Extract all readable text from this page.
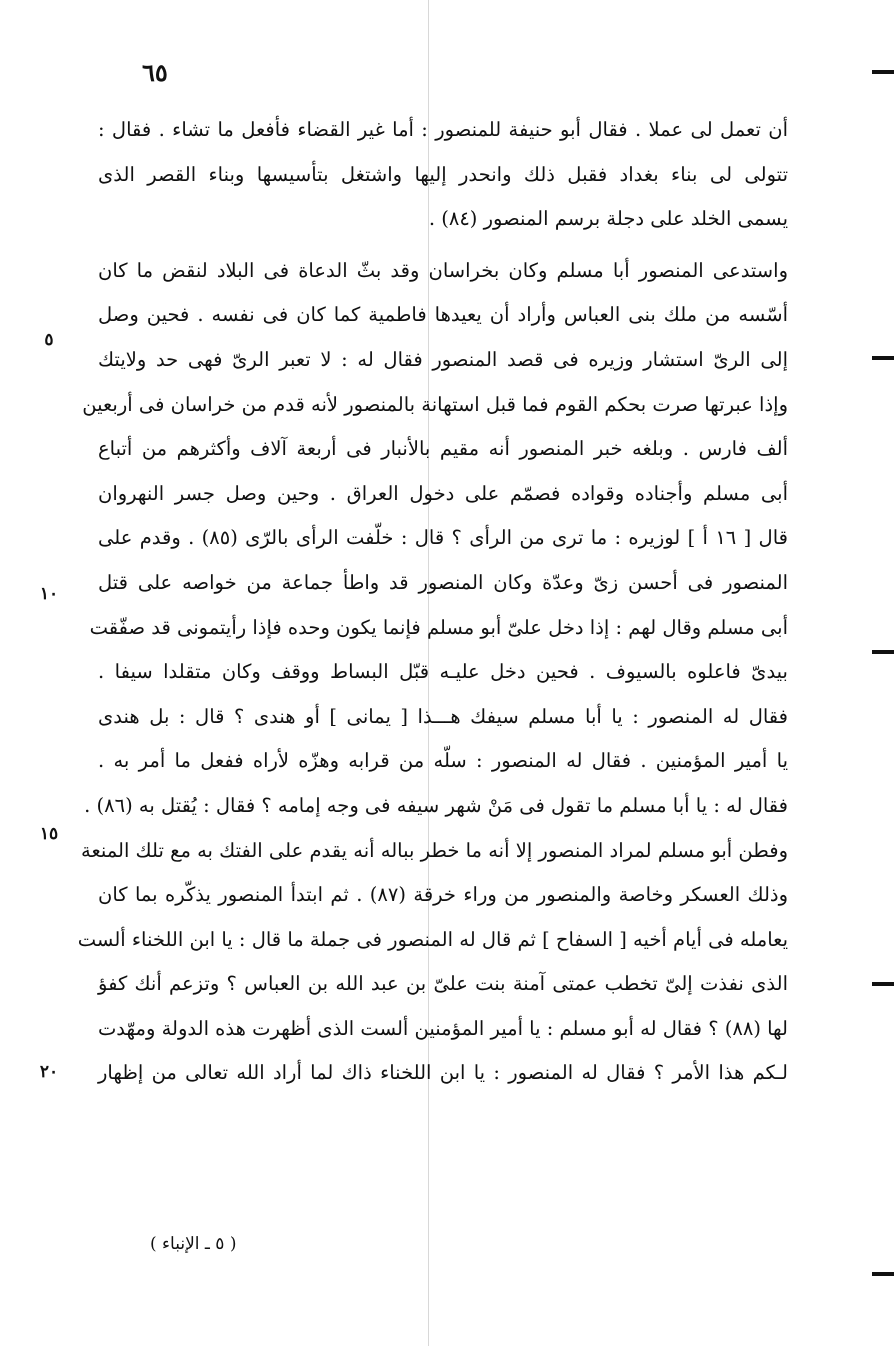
٦٥
أن تعمل لى عملا . فقال أبو حنيفة للمنصور : أما غير القضاء فأفعل ما تشاء . فقال :
تتولى لى بناء بغداد فقبل ذلك وانحدر إليها واشتغل بتأسيسها وبناء القصر الذى
يسمى الخلد على دجلة برسم المنصور (٨٤) .
واستدعى المنصور أبا مسلم وكان بخراسان وقد بثّ الدعاة فى البلاد لنقض ما كان
أسّسه من ملك بنى العباس وأراد أن يعيدها فاطمية كما كان فى نفسه . فحين وصل
إلى الرىّ استشار وزيره فى قصد المنصور فقال له : لا تعبر الرىّ فهى حد ولايتك
وإذا عبرتها صرت بحكم القوم فما قبل استهانة بالمنصور لأنه قدم من خراسان فى أربعين
ألف فارس . وبلغه خبر المنصور أنه مقيم بالأنبار فى أربعة آلاف وأكثرهم من أتباع
أبى مسلم وأجناده وقواده فصمّم على دخول العراق . وحين وصل جسر النهروان
قال [ ١٦ أ ] لوزيره : ما ترى من الرأى ؟ قال : خلّفت الرأى بالرّى (٨٥) . وقدم على
المنصور فى أحسن زىّ وعدّة وكان المنصور قد واطأ جماعة من خواصه على قتل
أبى مسلم وقال لهم : إذا دخل علىّ أبو مسلم فإنما يكون وحده فإذا رأيتمونى قد صفّقت
بيدىّ فاعلوه بالسيوف . فحين دخل عليـه قبّل البساط ووقف وكان متقلدا سيفا .
فقال له المنصور : يا أبا مسلم سيفك هـــذا [ يمانى ] أو هندى ؟ قال : بل هندى
يا أمير المؤمنين . فقال له المنصور : سلّه من قرابه وهزّه لأراه ففعل ما أمر به .
فقال له : يا أبا مسلم ما تقول فى مَنْ شهر سيفه فى وجه إمامه ؟ فقال : يُقتل به (٨٦) .
وفطن أبو مسلم لمراد المنصور إلا أنه ما خطر بباله أنه يقدم على الفتك به مع تلك المنعة
وذلك العسكر وخاصة والمنصور من وراء خرقة (٨٧) . ثم ابتدأ المنصور يذكّره بما كان
يعامله فى أيام أخيه [ السفاح ] ثم قال له المنصور فى جملة ما قال : يا ابن اللخناء ألست
الذى نفذت إلىّ تخطب عمتى آمنة بنت علىّ بن عبد الله بن العباس ؟ وتزعم أنك كفؤ
لها (٨٨) ؟ فقال له أبو مسلم : يا أمير المؤمنين ألست الذى أظهرت هذه الدولة ومهّدت
لـكم هذا الأمر ؟ فقال له المنصور : يا ابن اللخناء ذاك لما أراد الله تعالى من إظهار
٥
١٠
١٥
٢٠
( ٥ ـ الإنباء )
